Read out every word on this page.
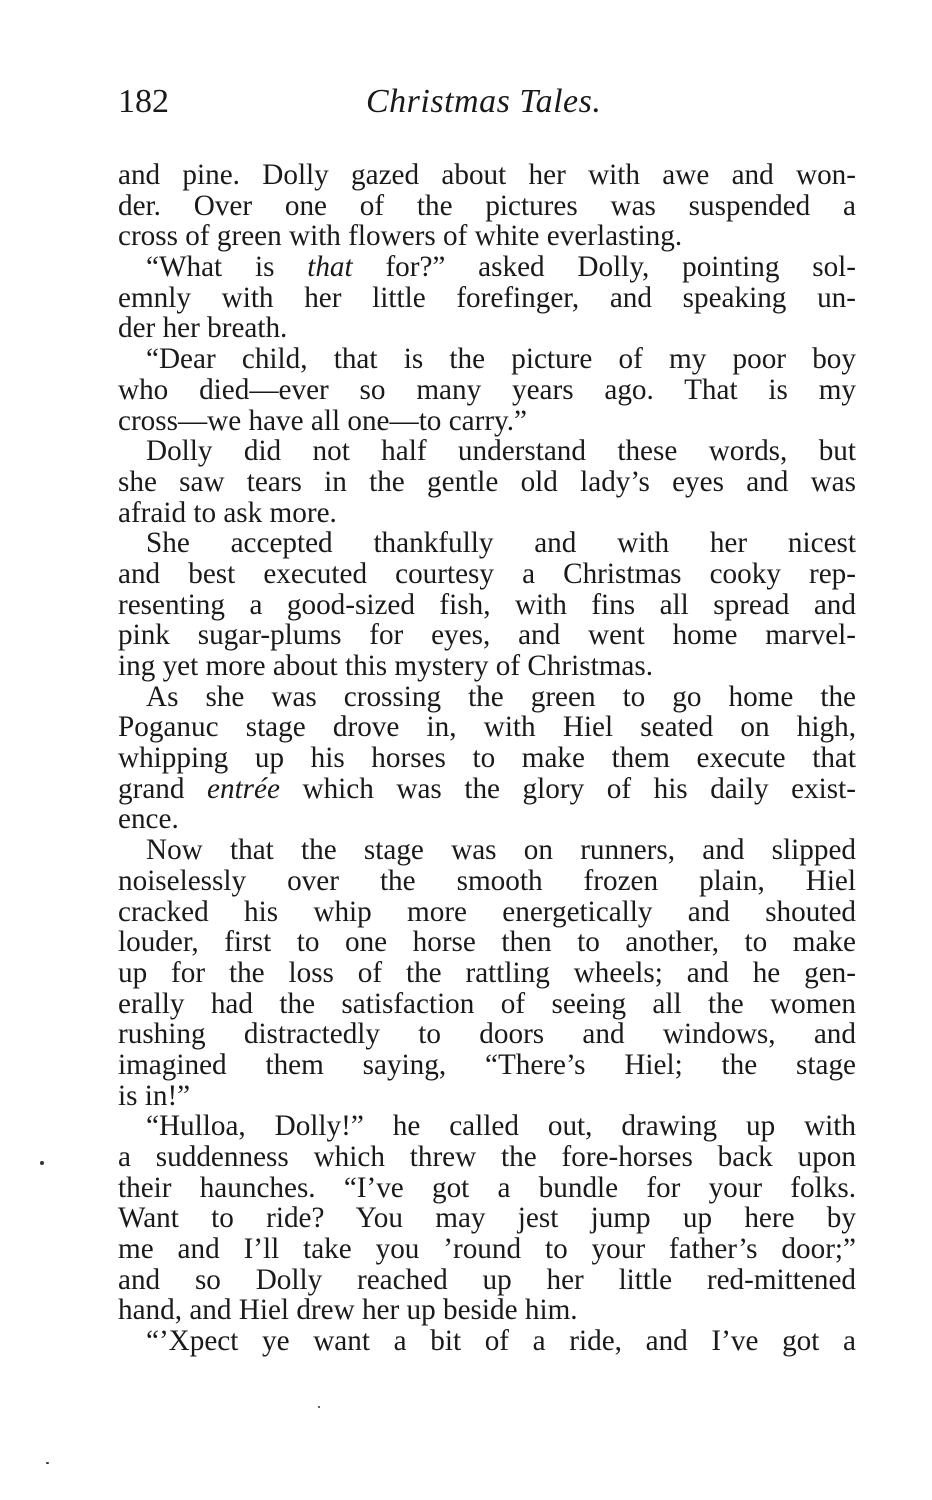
182	Christmas Tales.
and pine. Dolly gazed about her with awe and won-
der. Over one of the pictures was suspended a
cross of green with flowers of white everlasting.
“What is that for?” asked Dolly, pointing sol-
emnly with her little forefinger, and speaking un-
der her breath.
“Dear child, that is the picture of my poor boy
who died—ever so many years ago. That is my
cross—we have all one—to carry.”
Dolly did not half understand these words, but
she saw tears in the gentle old lady’s eyes and was
afraid to ask more.
She accepted thankfully and with her nicest
and best executed courtesy a Christmas cooky rep-
resenting a good-sized fish, with fins all spread and
pink sugar-plums for eyes, and went home marvel-
ing yet more about this mystery of Christmas.
As she was crossing the green to go home the
Poganuc stage drove in, with Hiel seated on high,
whipping up his horses to make them execute that
grand entrée which was the glory of his daily exist-
ence.
Now that the stage was on runners, and slipped
noiselessly over the smooth frozen plain, Hiel
cracked his whip more energetically and shouted
louder, first to one horse then to another, to make
up for the loss of the rattling wheels; and he gen-
erally had the satisfaction of seeing all the women
rushing distractedly to doors and windows, and
imagined them saying, “There’s Hiel; the stage
is in!”
“Hulloa, Dolly!” he called out, drawing up with
a suddenness which threw the fore-horses back upon
their haunches. “I’ve got a bundle for your folks.
Want to ride? You may jest jump up here by
me and I’ll take you ’round to your father’s door;”
and so Dolly reached up her little red-mittened
hand, and Hiel drew her up beside him.
“’Xpect ye want a bit of a ride, and I’ve got a
